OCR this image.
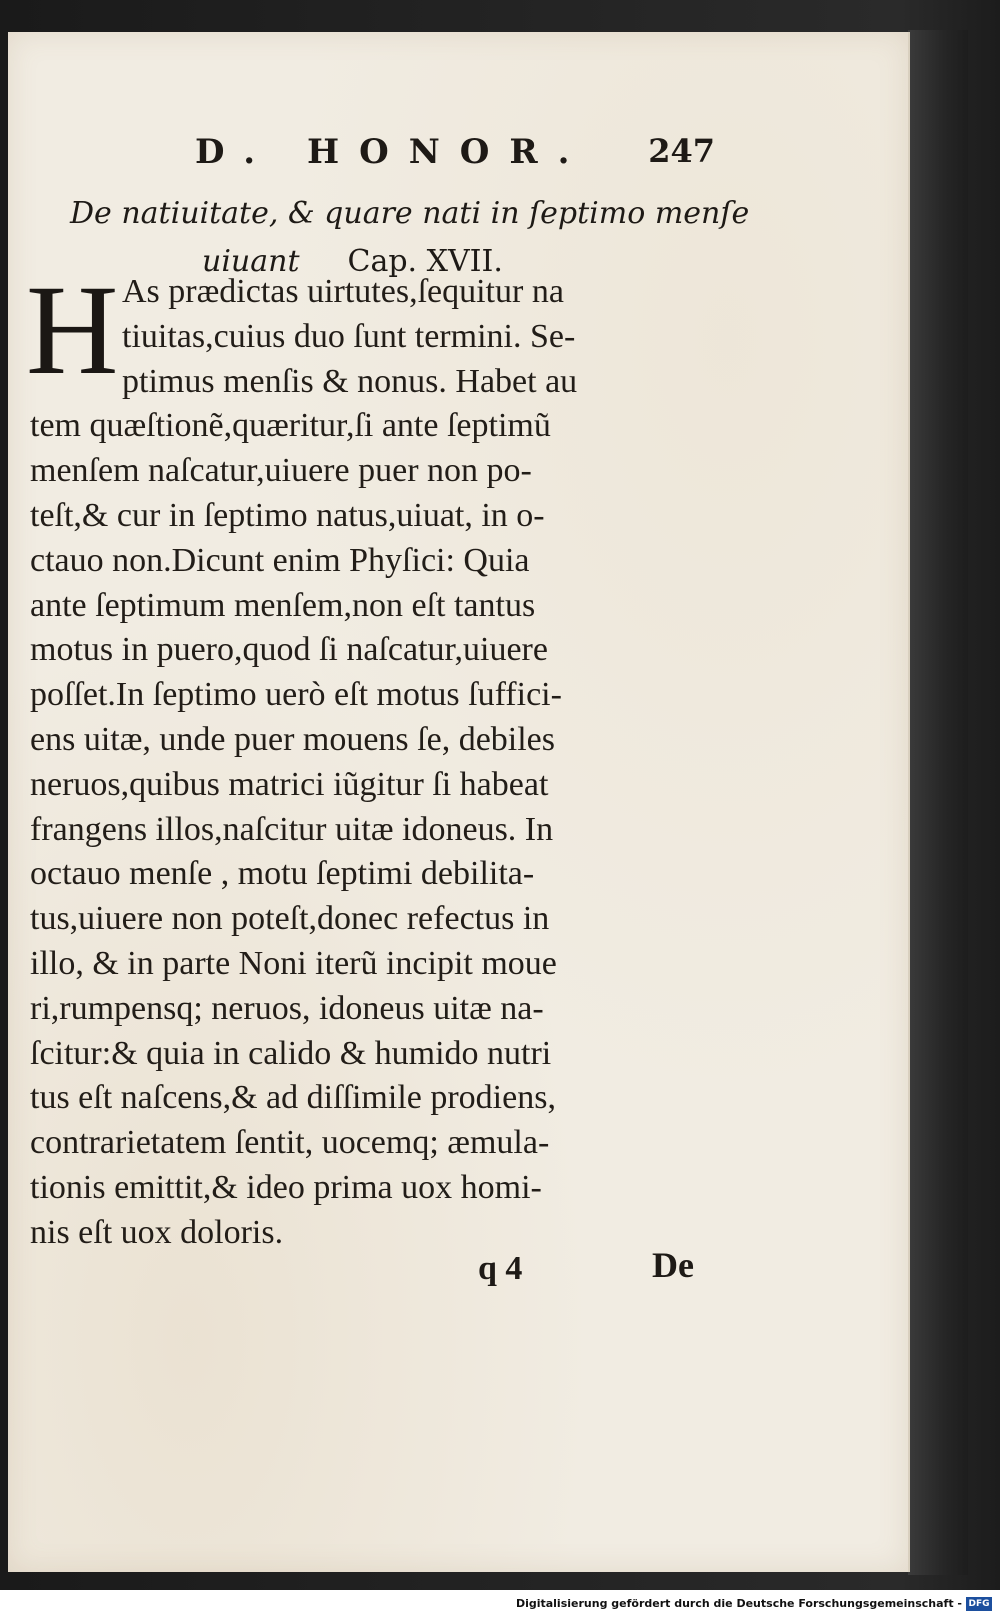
D. HONOR. 247
De natiuitate, & quare nati in ſeptimo menſe
uiuant Cap. XVII.
H As prædictas uirtutes,ſequitur na
tiuitas,cuius duo ſunt termini. Se-
ptimus menſis & nonus. Habet au
tem quæſtionẽ,quæritur,ſi ante ſeptimũ
menſem naſcatur,uiuere puer non po-
teſt,& cur in ſeptimo natus,uiuat, in o-
ctauo non.Dicunt enim Phyſici: Quia
ante ſeptimum menſem,non eſt tantus
motus in puero,quod ſi naſcatur,uiuere
poſſet.In ſeptimo uerò eſt motus ſuffici-
ens uitæ, unde puer mouens ſe, debiles
neruos,quibus matrici iũgitur ſi habeat
frangens illos,naſcitur uitæ idoneus. In
octauo menſe , motu ſeptimi debilita-
tus,uiuere non poteſt,donec refectus in
illo, & in parte Noni iterũ incipit moue
ri,rumpensq; neruos, idoneus uitæ na-
ſcitur:& quia in calido & humido nutri
tus eſt naſcens,& ad diſſimile prodiens,
contrarietatem ſentit, uocemq; æmula-
tionis emittit,& ideo prima uox homi-
nis eſt uox doloris.
q 4	De
Digitalisierung gefördert durch die Deutsche Forschungsgemeinschaft - DFG
